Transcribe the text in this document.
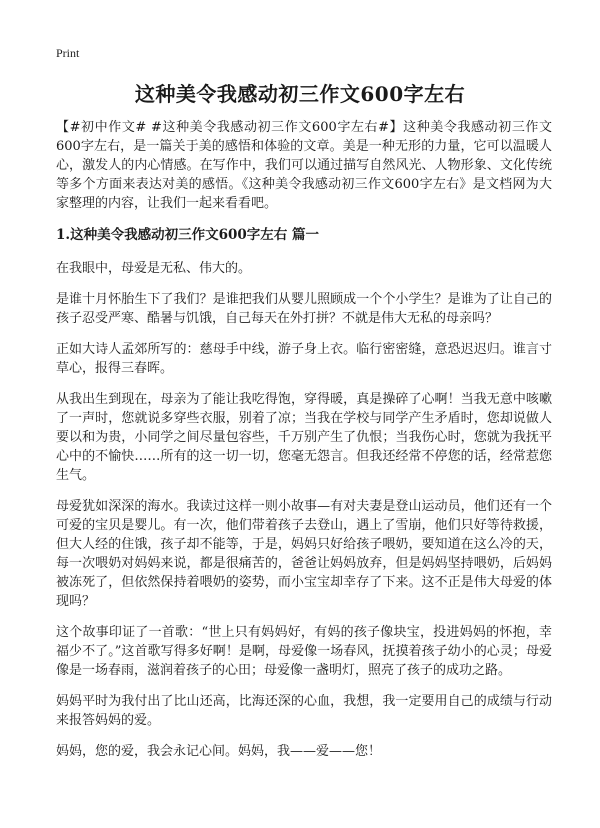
Print
这种美令我感动初三作文600字左右

【#初中作文# #这种美令我感动初三作文600字左右#】这种美令我感动初三作文600字左右，是一篇关于美的感悟和体验的文章。美是一种无形的力量，它可以温暖人心，激发人的内心情感。在写作中，我们可以通过描写自然风光、人物形象、文化传统等多个方面来表达对美的感悟。《这种美令我感动初三作文600字左右》是文档网为大家整理的内容，让我们一起来看看吧。

1.这种美令我感动初三作文600字左右 篇一

在我眼中，母爱是无私、伟大的。

是谁十月怀胎生下了我们？是谁把我们从婴儿照顾成一个个小学生？是谁为了让自己的孩子忍受严寒、酷暑与饥饿，自己每天在外打拼？不就是伟大无私的母亲吗？

正如大诗人孟郊所写的：慈母手中线，游子身上衣。临行密密缝，意恐迟迟归。谁言寸草心，报得三春晖。

从我出生到现在，母亲为了能让我吃得饱，穿得暖，真是操碎了心啊！当我无意中咳嗽了一声时，您就说多穿些衣服，别着了凉；当我在学校与同学产生矛盾时，您却说做人要以和为贵，小同学之间尽量包容些，千万别产生了仇恨；当我伤心时，您就为我抚平心中的不愉快……所有的这一切一切，您毫无怨言。但我还经常不停您的话，经常惹您生气。

母爱犹如深深的海水。我读过这样一则小故事—有对夫妻是登山运动员，他们还有一个可爱的宝贝是婴儿。有一次，他们带着孩子去登山，遇上了雪崩，他们只好等待救援，但大人经的住饿，孩子却不能等，于是，妈妈只好给孩子喂奶，要知道在这么冷的天，每一次喂奶对妈妈来说，都是很痛苦的，爸爸让妈妈放弃，但是妈妈坚持喂奶，后妈妈被冻死了，但依然保持着喂奶的姿势，而小宝宝却幸存了下来。这不正是伟大母爱的体现吗？

这个故事印证了一首歌：“世上只有妈妈好，有妈的孩子像块宝，投进妈妈的怀抱，幸福少不了。”这首歌写得多好啊！是啊，母爱像一场春风，抚摸着孩子幼小的心灵；母爱像是一场春雨，滋润着孩子的心田；母爱像一盏明灯，照亮了孩子的成功之路。

妈妈平时为我付出了比山还高，比海还深的心血，我想，我一定要用自己的成绩与行动来报答妈妈的爱。

妈妈，您的爱，我会永记心间。妈妈，我——爱——您！
